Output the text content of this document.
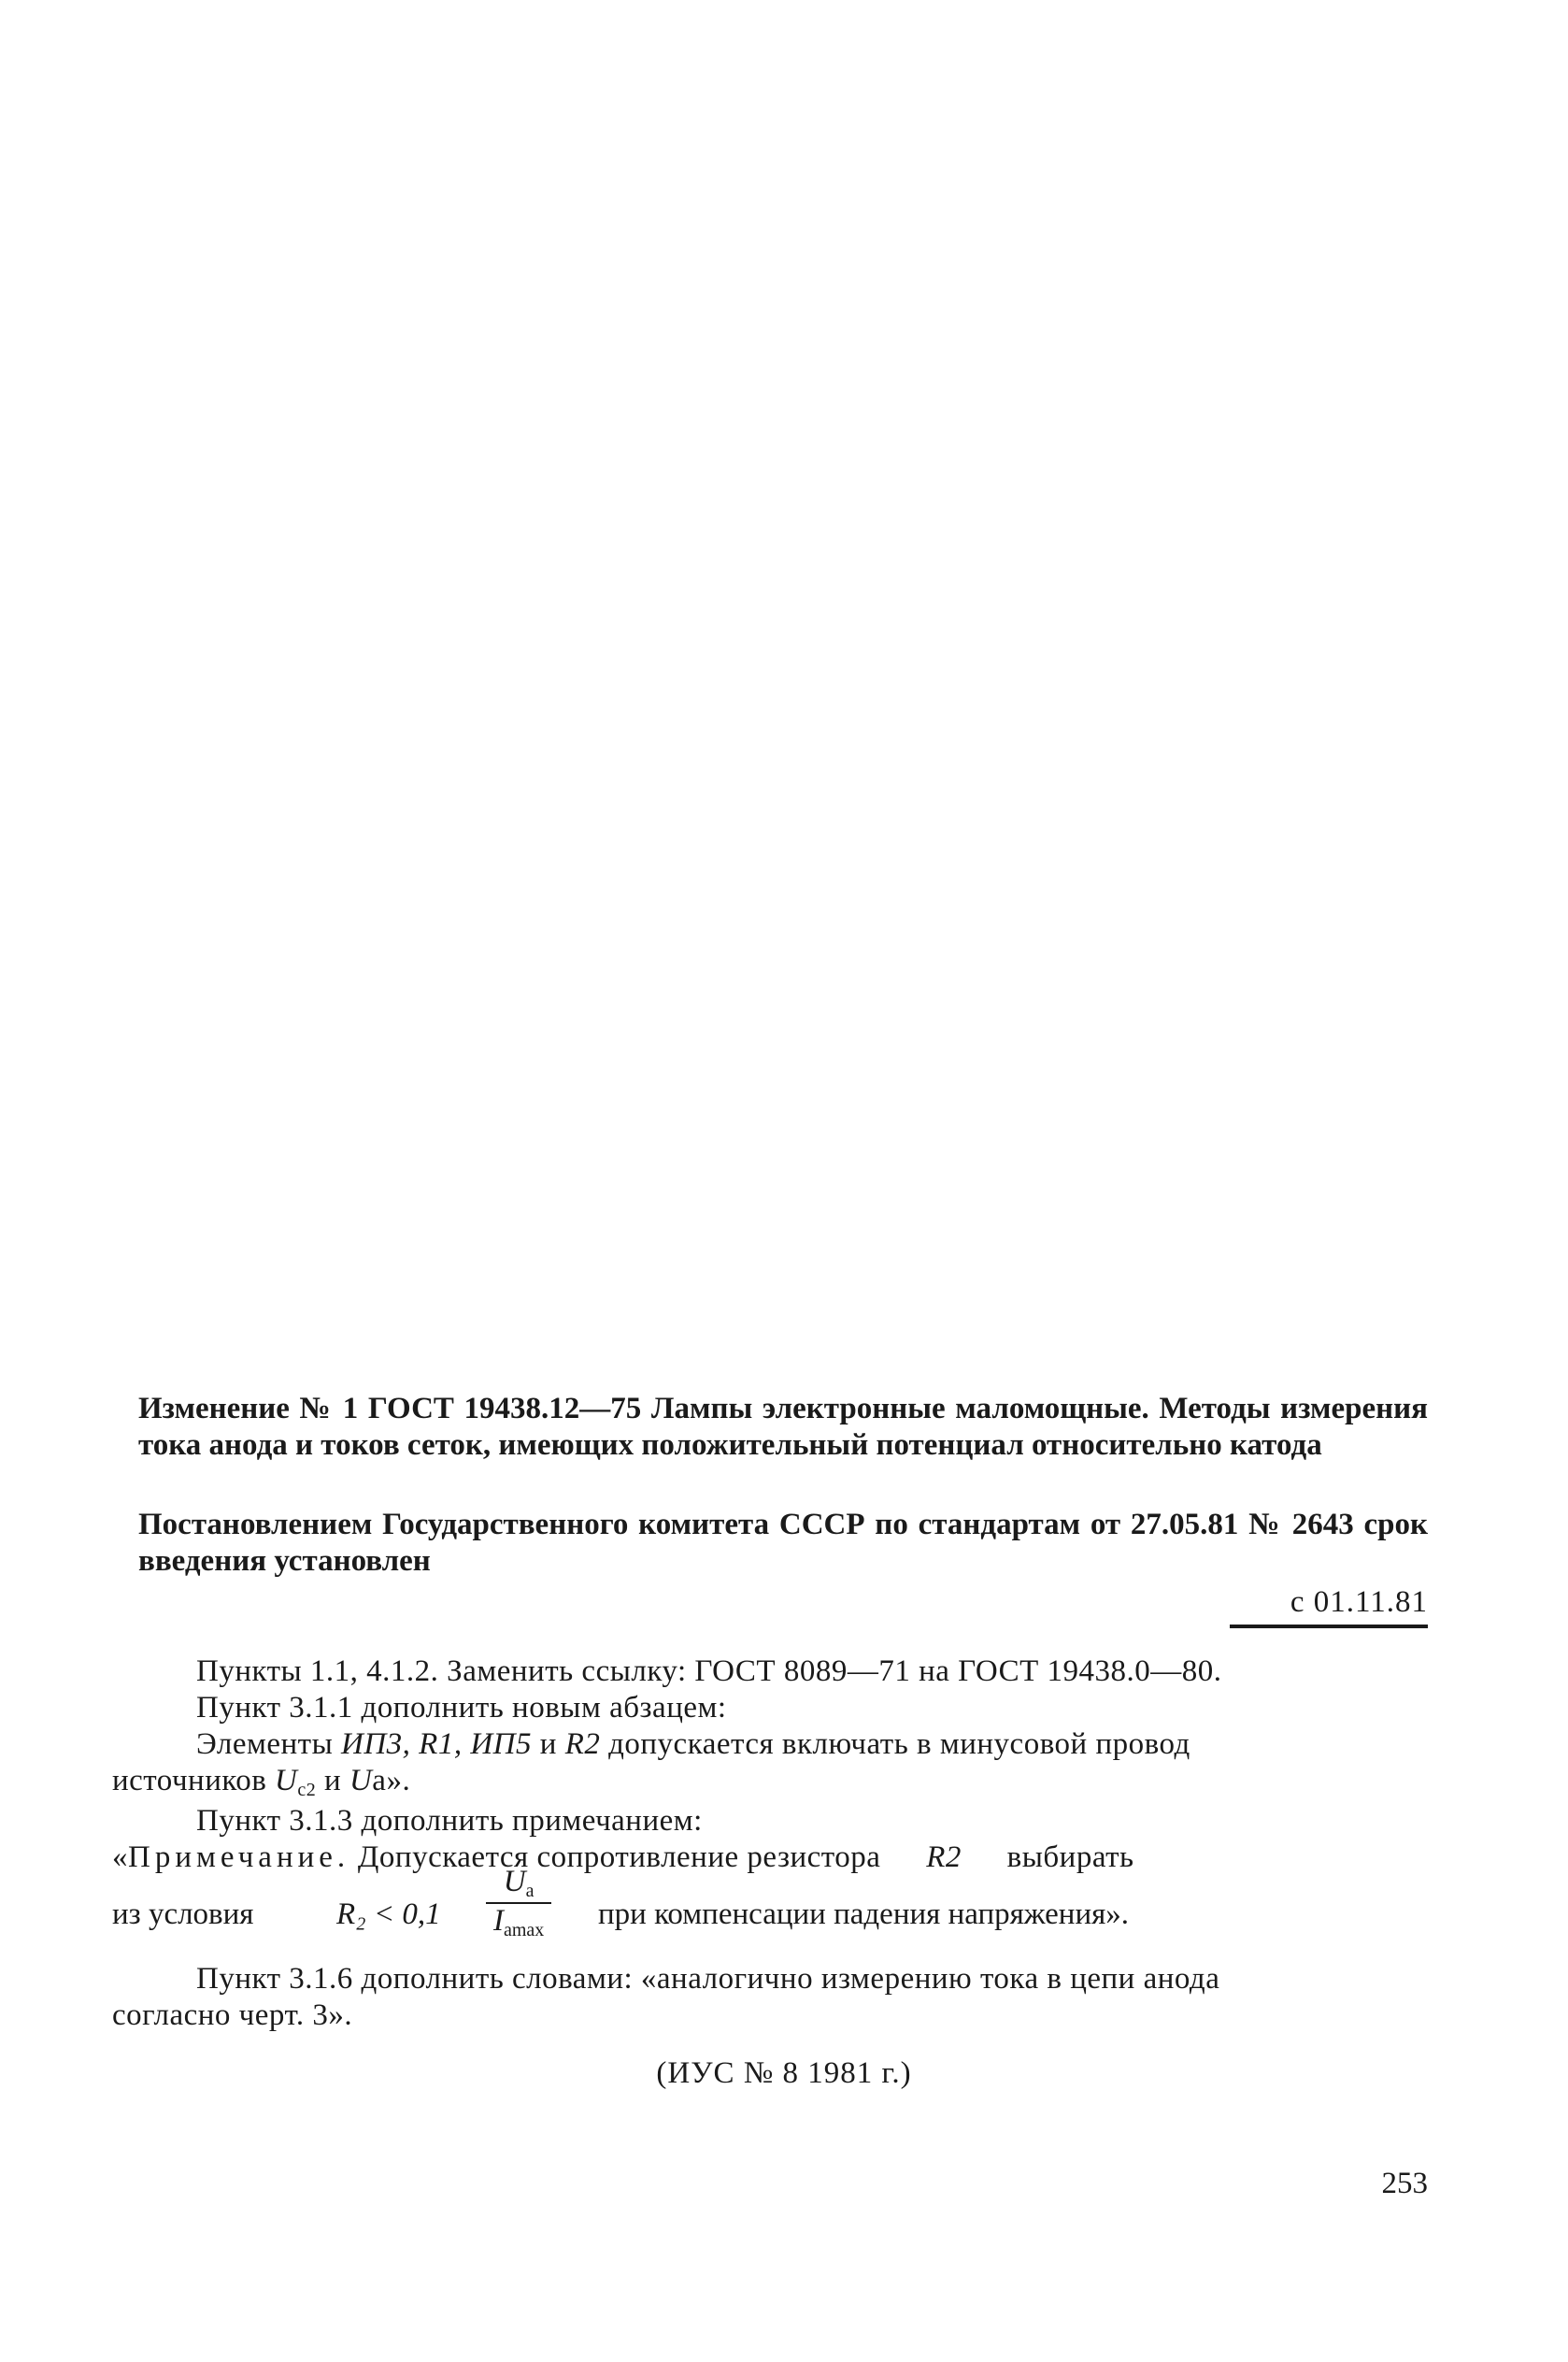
Изменение № 1 ГОСТ 19438.12—75 Лампы электронные маломощные. Методы измерения тока анода и токов сеток, имеющих положительный потенциал относительно катода
Постановлением Государственного комитета СССР по стандартам от 27.05.81 № 2643 срок введения установлен
с 01.11.81
Пункты 1.1, 4.1.2. Заменить ссылку: ГОСТ 8089—71 на ГОСТ 19438.0—80.
Пункт 3.1.1 дополнить новым абзацем:
Элементы ИП3, R1, ИП5 и R2 допускается включать в минусовой провод
источников $U_{с2}$ и Uа».
Пункт 3.1.3 дополнить примечанием:
«Примечание. Допускается сопротивление резистора R2 выбирать
из условия	R₂ < 0,1
$U_а$
$I_{аmax}$ при компенсации падения напряжения».
Пункт 3.1.6 дополнить словами: «аналогично измерению тока в цепи анода
согласно черт. 3».
(ИУС № 8 1981 г.)
253
